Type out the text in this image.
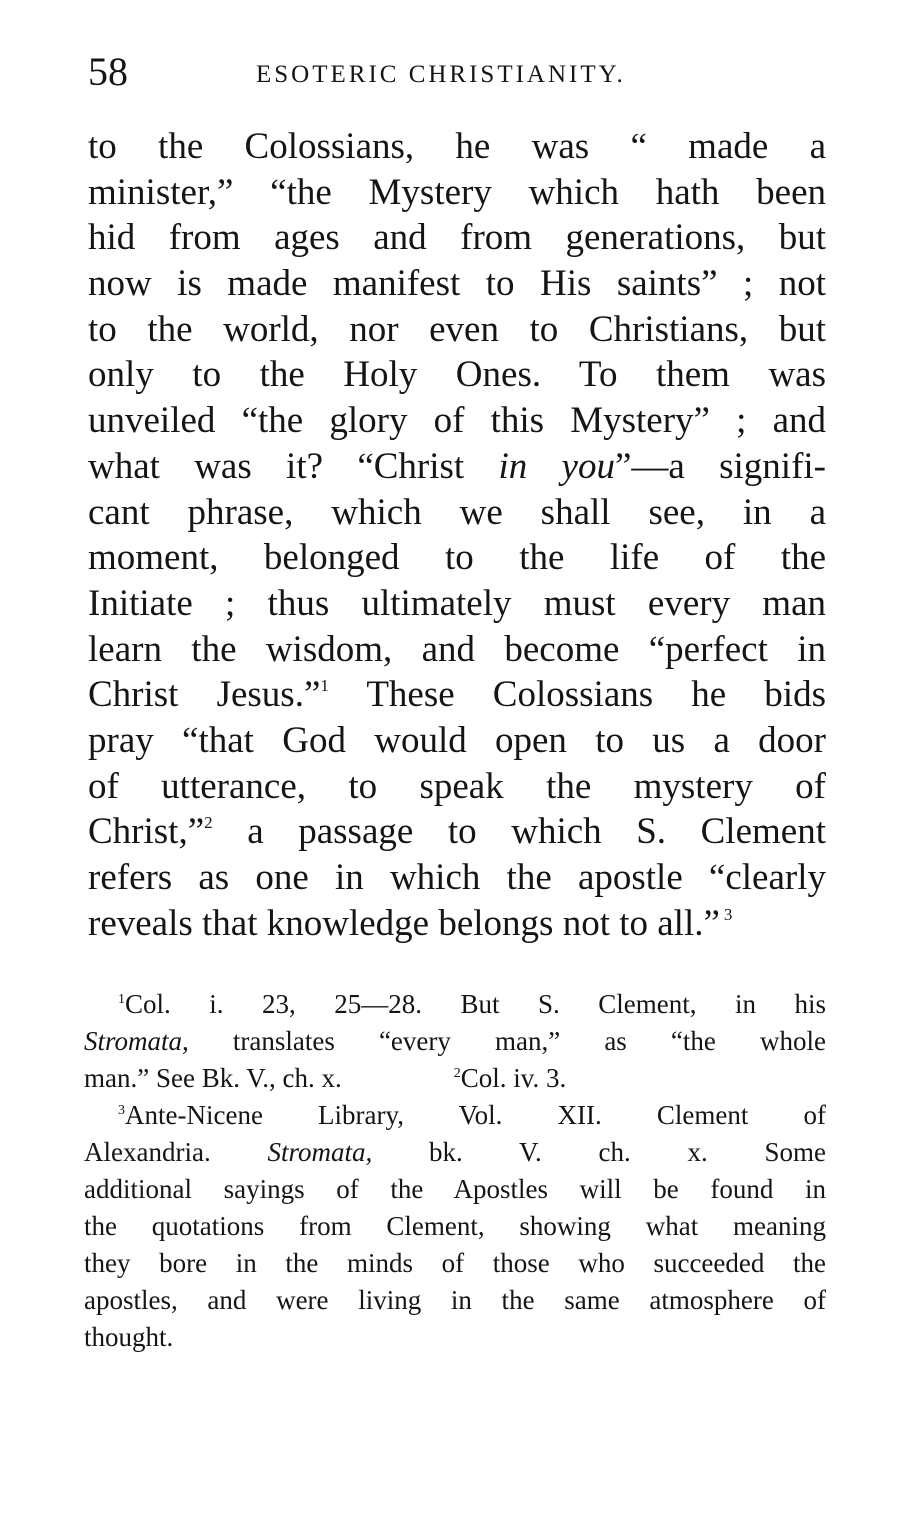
58	ESOTERIC CHRISTIANITY.
to the Colossians, he was “ made a
minister,” “the Mystery which hath been
hid from ages and from generations, but
now is made manifest to His saints” ; not
to the world, nor even to Christians, but
only to the Holy Ones. To them was
unveiled “the glory of this Mystery” ; and
what was it? “Christ in you”—a signifi-
cant phrase, which we shall see, in a
moment, belonged to the life of the
Initiate ; thus ultimately must every man
learn the wisdom, and become “perfect in
Christ Jesus.”$^1$ These Colossians he bids
pray “that God would open to us a door
of utterance, to speak the mystery of
Christ,”$^2$ a passage to which S. Clement
refers as one in which the apostle “clearly
reveals that knowledge belongs not to all.” $^3$
$^1$Col. i. 23, 25—28. But S. Clement, in his
Stromata, translates “every man,” as “the whole
man.” See Bk. V., ch. x.	$^2$Col. iv. 3.
$^3$Ante-Nicene Library, Vol. XII. Clement of
Alexandria. Stromata, bk. V. ch. x. Some
additional sayings of the Apostles will be found in
the quotations from Clement, showing what meaning
they bore in the minds of those who succeeded the
apostles, and were living in the same atmosphere of
thought.
